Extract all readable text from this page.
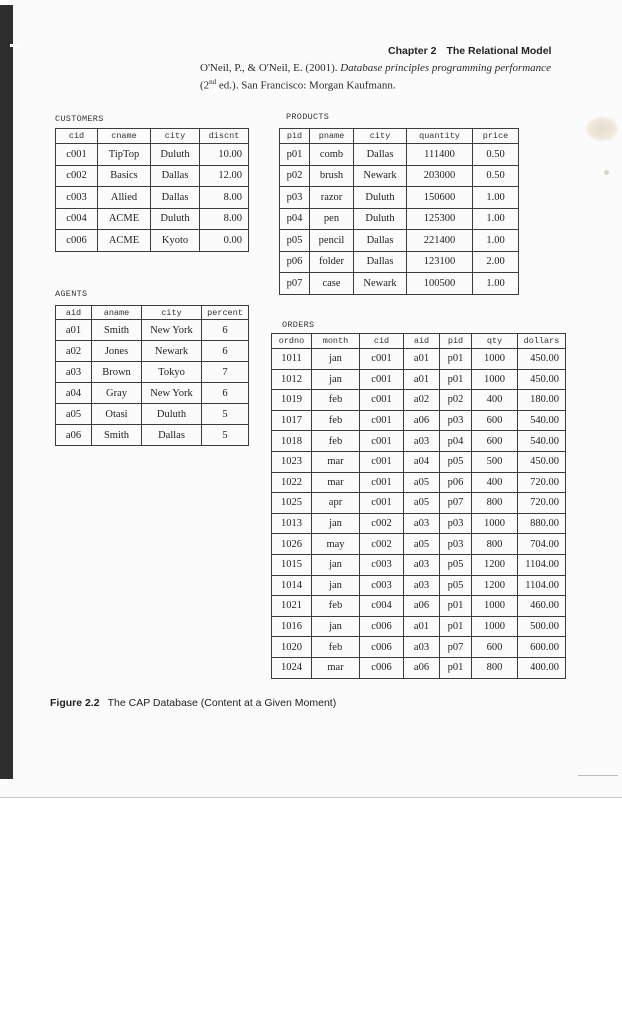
Chapter 2 The Relational Model
O'Neil, P., & O'Neil, E. (2001). Database principles programming performance
(2nd ed.). San Francisco: Morgan Kaufmann.
CUSTOMERS
cid	cname	city	discnt
c001	TipTop	Duluth	10.00
c002	Basics	Dallas	12.00
c003	Allied	Dallas	8.00
c004	ACME	Duluth	8.00
c006	ACME	Kyoto	0.00
PRODUCTS
pid	pname	city	quantity	price
p01	comb	Dallas	111400	0.50
p02	brush	Newark	203000	0.50
p03	razor	Duluth	150600	1.00
p04	pen	Duluth	125300	1.00
p05	pencil	Dallas	221400	1.00
p06	folder	Dallas	123100	2.00
p07	case	Newark	100500	1.00
AGENTS
aid	aname	city	percent
a01	Smith	New York	6
a02	Jones	Newark	6
a03	Brown	Tokyo	7
a04	Gray	New York	6
a05	Otasi	Duluth	5
a06	Smith	Dallas	5
ORDERS
ordno	month	cid	aid	pid	qty	dollars
1011	jan	c001	a01	p01	1000	450.00
1012	jan	c001	a01	p01	1000	450.00
1019	feb	c001	a02	p02	400	180.00
1017	feb	c001	a06	p03	600	540.00
1018	feb	c001	a03	p04	600	540.00
1023	mar	c001	a04	p05	500	450.00
1022	mar	c001	a05	p06	400	720.00
1025	apr	c001	a05	p07	800	720.00
1013	jan	c002	a03	p03	1000	880.00
1026	may	c002	a05	p03	800	704.00
1015	jan	c003	a03	p05	1200	1104.00
1014	jan	c003	a03	p05	1200	1104.00
1021	feb	c004	a06	p01	1000	460.00
1016	jan	c006	a01	p01	1000	500.00
1020	feb	c006	a03	p07	600	600.00
1024	mar	c006	a06	p01	800	400.00
Figure 2.2 The CAP Database (Content at a Given Moment)
